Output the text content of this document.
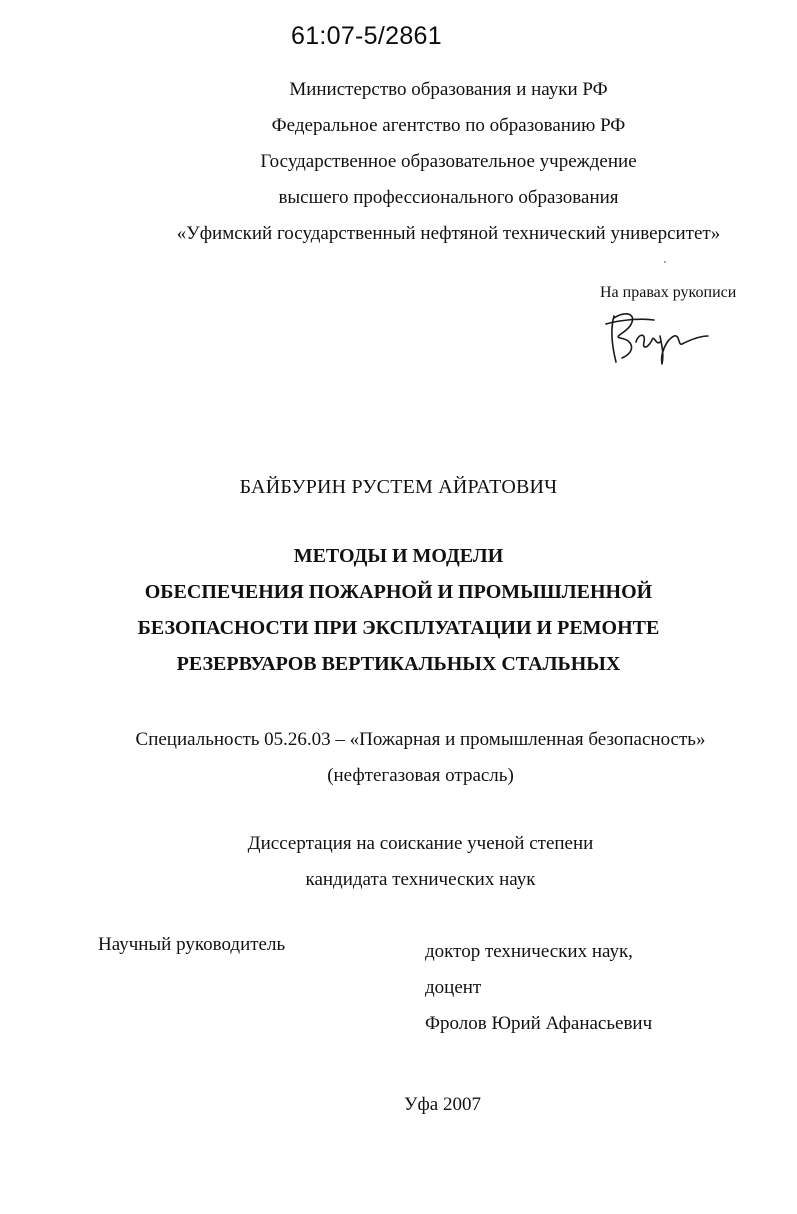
61:07-5/2861
Министерство образования и науки РФ
Федеральное агентство по образованию РФ
Государственное образовательное учреждение
высшего профессионального образования
«Уфимский государственный нефтяной технический университет»
На правах рукописи
БАЙБУРИН РУСТЕМ АЙРАТОВИЧ
МЕТОДЫ И МОДЕЛИ
ОБЕСПЕЧЕНИЯ ПОЖАРНОЙ И ПРОМЫШЛЕННОЙ
БЕЗОПАСНОСТИ ПРИ ЭКСПЛУАТАЦИИ И РЕМОНТЕ
РЕЗЕРВУАРОВ ВЕРТИКАЛЬНЫХ СТАЛЬНЫХ
Специальность 05.26.03 – «Пожарная и промышленная безопасность»
(нефтегазовая отрасль)
Диссертация на соискание ученой степени
кандидата технических наук
Научный руководитель	доктор технических наук,
доцент
Фролов Юрий Афанасьевич
Уфа 2007
